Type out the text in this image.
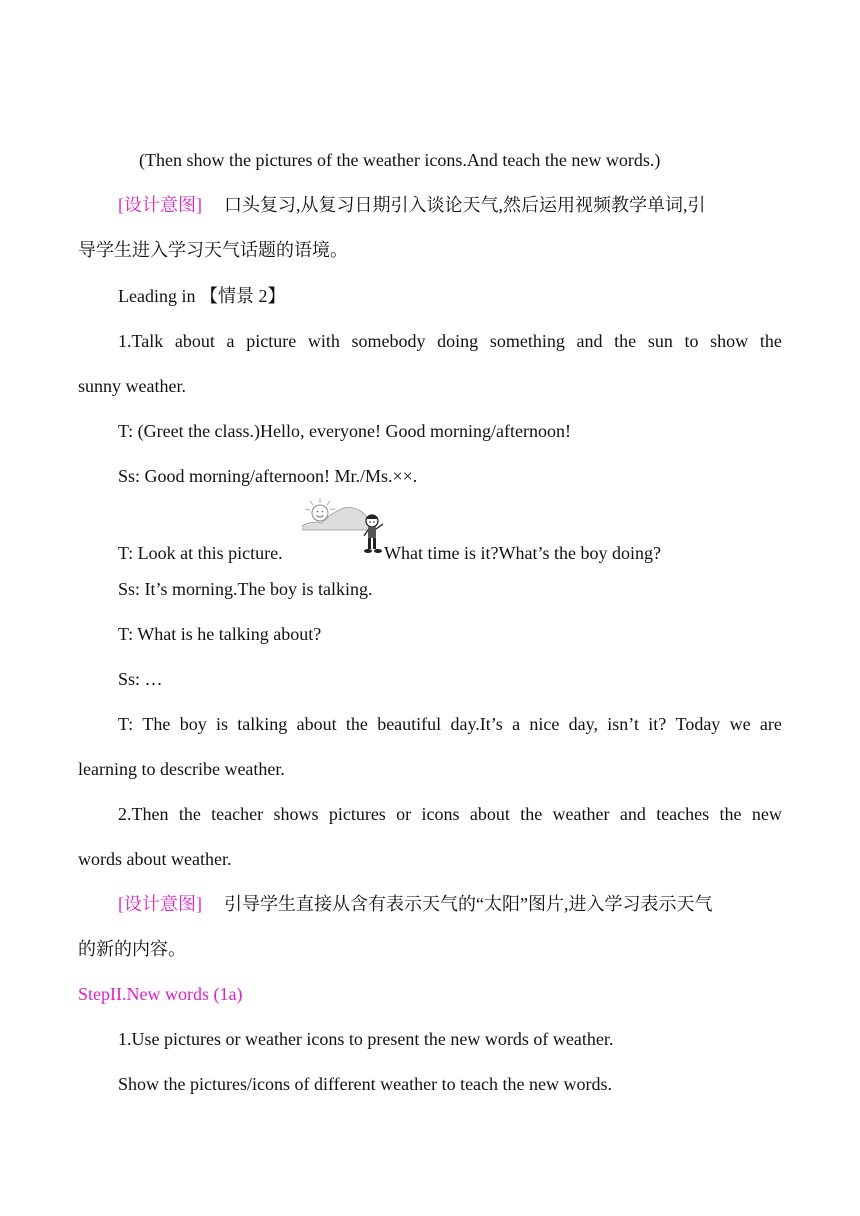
(Then show the pictures of the weather icons.And teach the new words.)
[设计意图] 口头复习,从复习日期引入谈论天气,然后运用视频教学单词,引
导学生进入学习天气话题的语境。
Leading in 【情景 2】
1.Talk about a picture with somebody doing something and the sun to show the
sunny weather.
T: (Greet the class.)Hello, everyone! Good morning/afternoon!
Ss: Good morning/afternoon! Mr./Ms.××.
T: Look at this picture.	What time is it?What’s the boy doing?
Ss: It’s morning.The boy is talking.
T: What is he talking about?
Ss: …
T: The boy is talking about the beautiful day.It’s a nice day, isn’t it? Today we are
learning to describe weather.
2.Then the teacher shows pictures or icons about the weather and teaches the new
words about weather.
[设计意图] 引导学生直接从含有表示天气的“太阳”图片,进入学习表示天气
的新的内容。
StepII.New words (1a)
1.Use pictures or weather icons to present the new words of weather.
Show the pictures/icons of different weather to teach the new words.
